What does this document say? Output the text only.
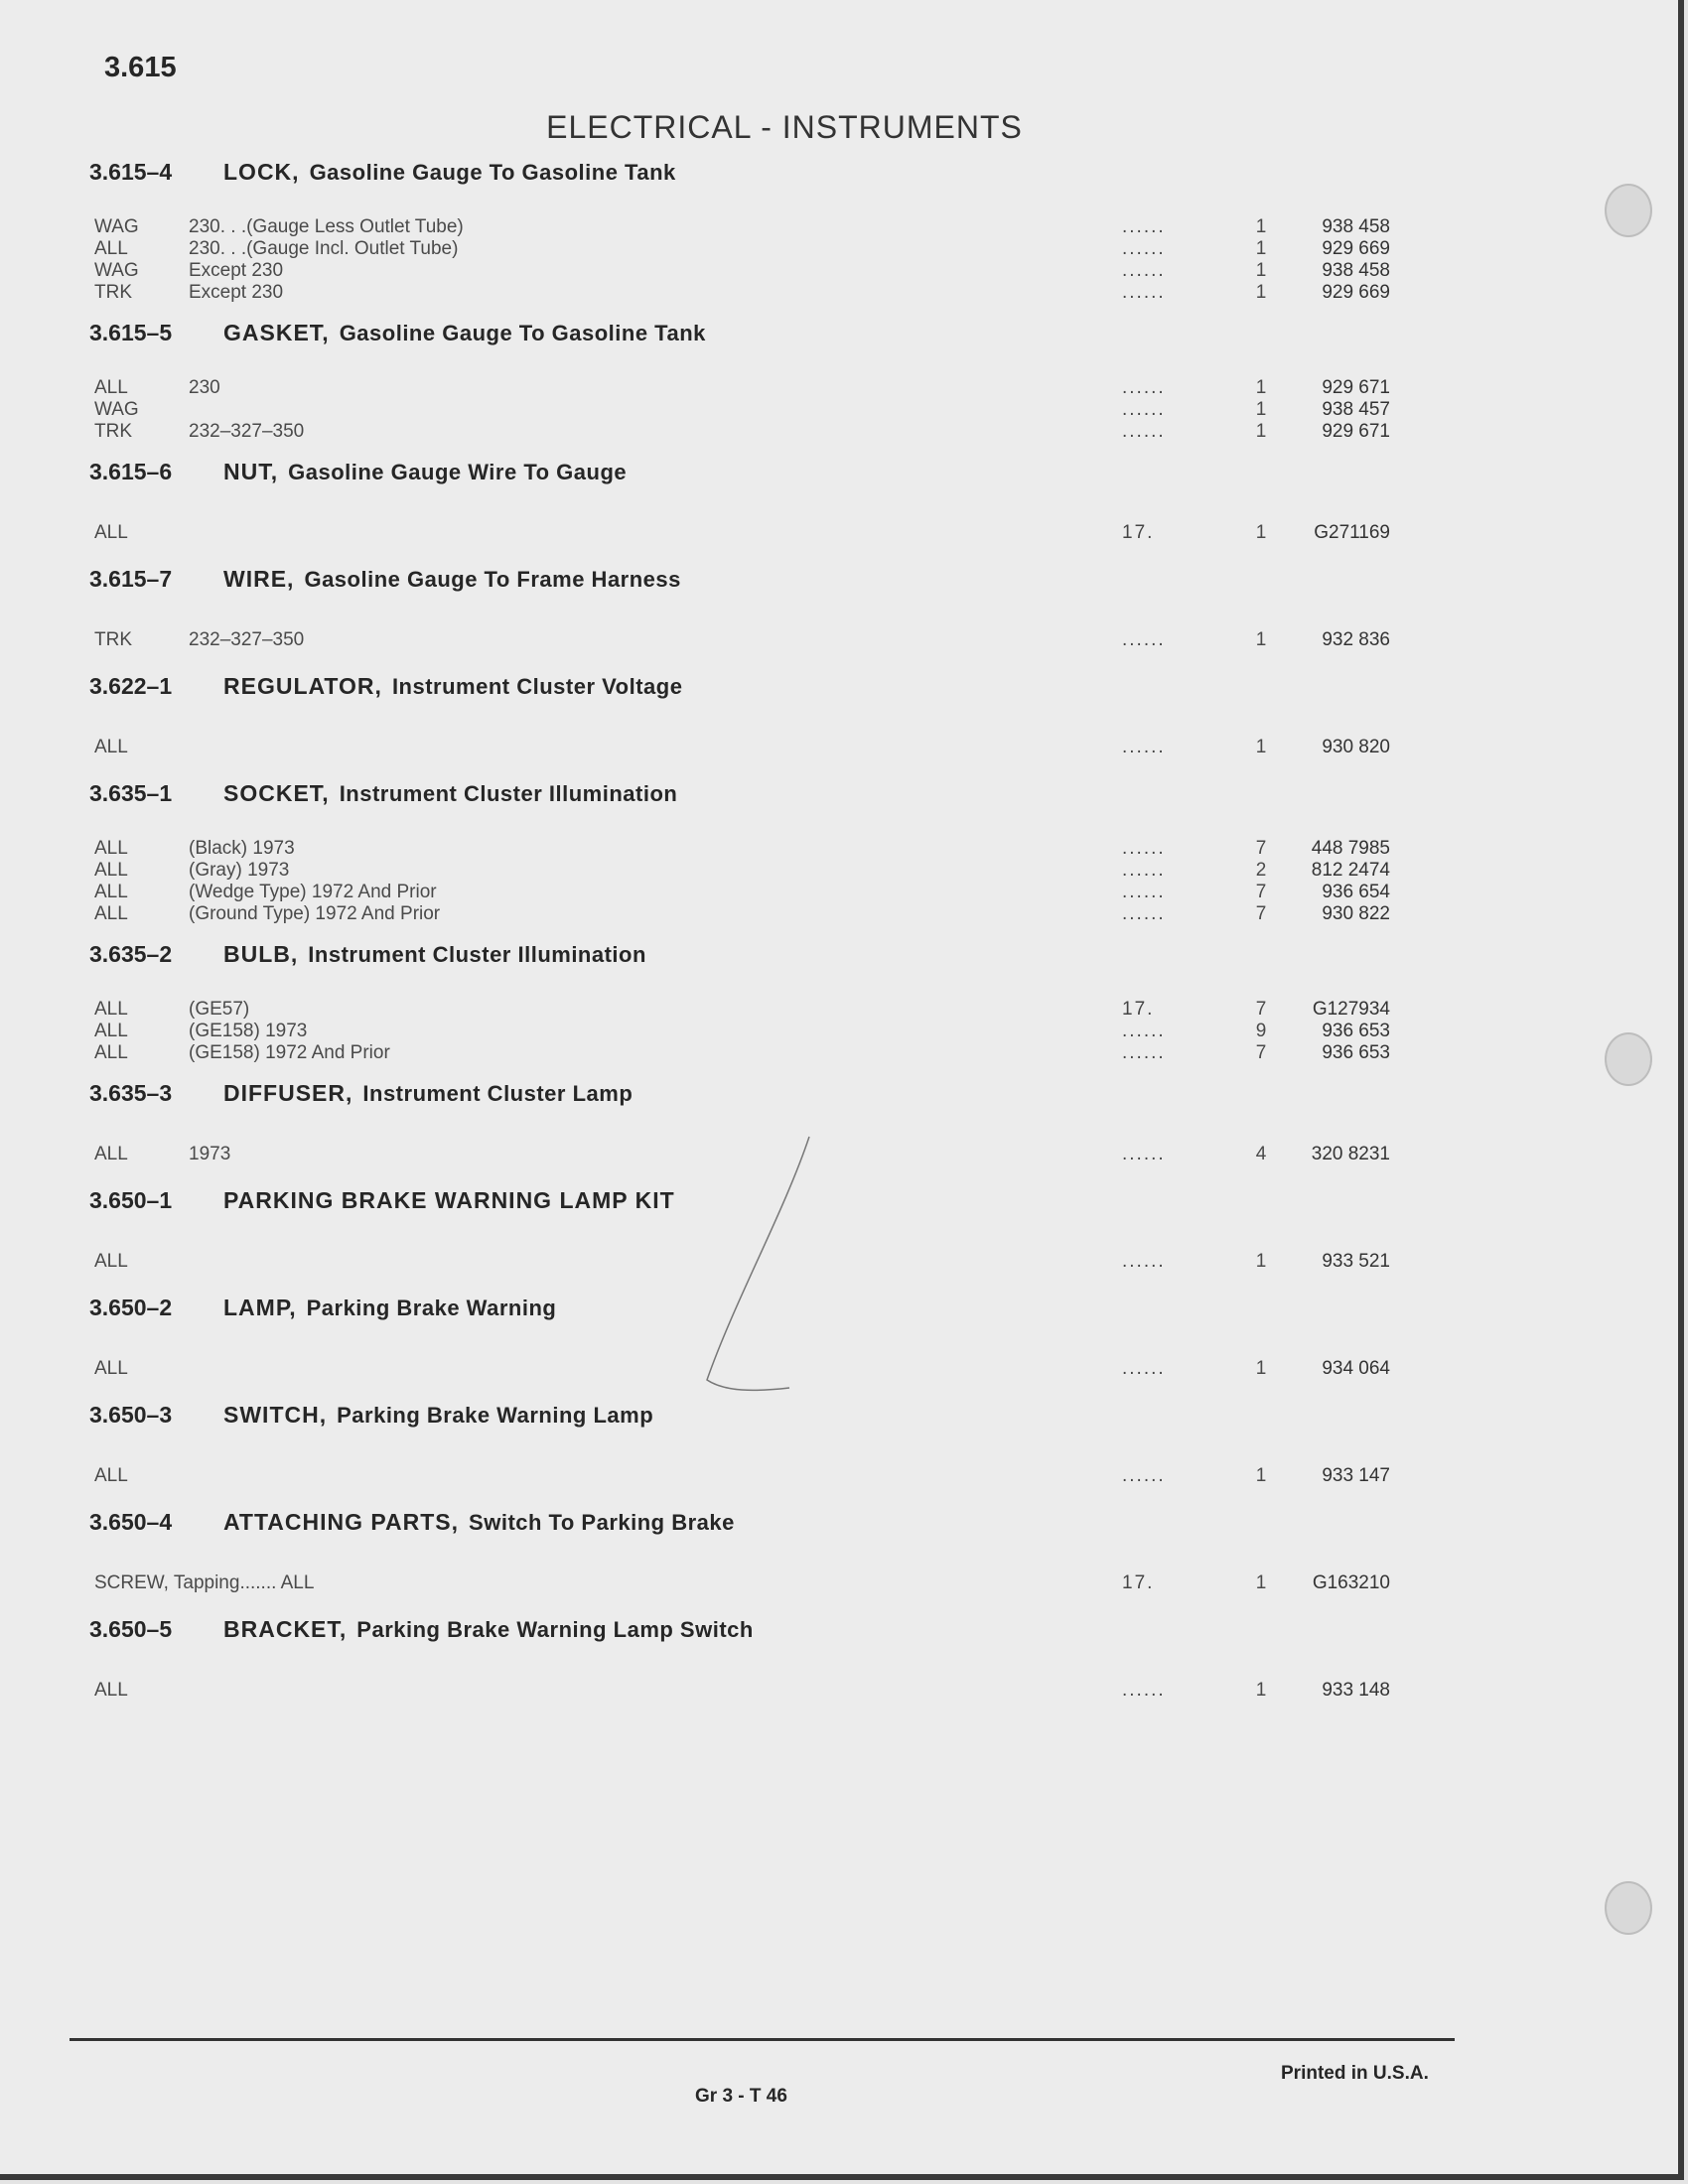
3.615
ELECTRICAL - INSTRUMENTS
3.615–4	LOCK, Gasoline Gauge To Gasoline Tank
WAG	230. . .(Gauge Less Outlet Tube) .....	......	1	938 458
ALL	230. . .(Gauge Incl. Outlet Tube) .....	......	1	929 669
WAG	Except 230 .....	......	1	938 458
TRK	Except 230 .....	......	1	929 669
3.615–5	GASKET, Gasoline Gauge To Gasoline Tank
ALL	230 .....	......	1	929 671
WAG .....	......	1	938 457
TRK	232–327–350 .....	......	1	929 671
3.615–6	NUT, Gasoline Gauge Wire To Gauge
ALL .....	17.	1	G271169
3.615–7	WIRE, Gasoline Gauge To Frame Harness
TRK	232–327–350 .....	......	1	932 836
3.622–1	REGULATOR, Instrument Cluster Voltage
ALL .....	......	1	930 820
3.635–1	SOCKET, Instrument Cluster Illumination
ALL	(Black) 1973 .....	......	7	448 7985
ALL	(Gray) 1973 .....	......	2	812 2474
ALL	(Wedge Type) 1972 And Prior .....	......	7	936 654
ALL	(Ground Type) 1972 And Prior .....	......	7	930 822
3.635–2	BULB, Instrument Cluster Illumination
ALL	(GE57) .....	17.	7	G127934
ALL	(GE158) 1973 .....	......	9	936 653
ALL	(GE158) 1972 And Prior .....	......	7	936 653
3.635–3	DIFFUSER, Instrument Cluster Lamp
ALL	1973 .....	......	4	320 8231
3.650–1	PARKING BRAKE WARNING LAMP KIT
ALL .....	......	1	933 521
3.650–2	LAMP, Parking Brake Warning
ALL .....	......	1	934 064
3.650–3	SWITCH, Parking Brake Warning Lamp
ALL .....	......	1	933 147
3.650–4	ATTACHING PARTS, Switch To Parking Brake
SCREW, Tapping....... ALL .....	17.	1	G163210
3.650–5	BRACKET, Parking Brake Warning Lamp Switch
ALL .....	......	1	933 148
Gr 3 - T 46
Printed in U.S.A.
